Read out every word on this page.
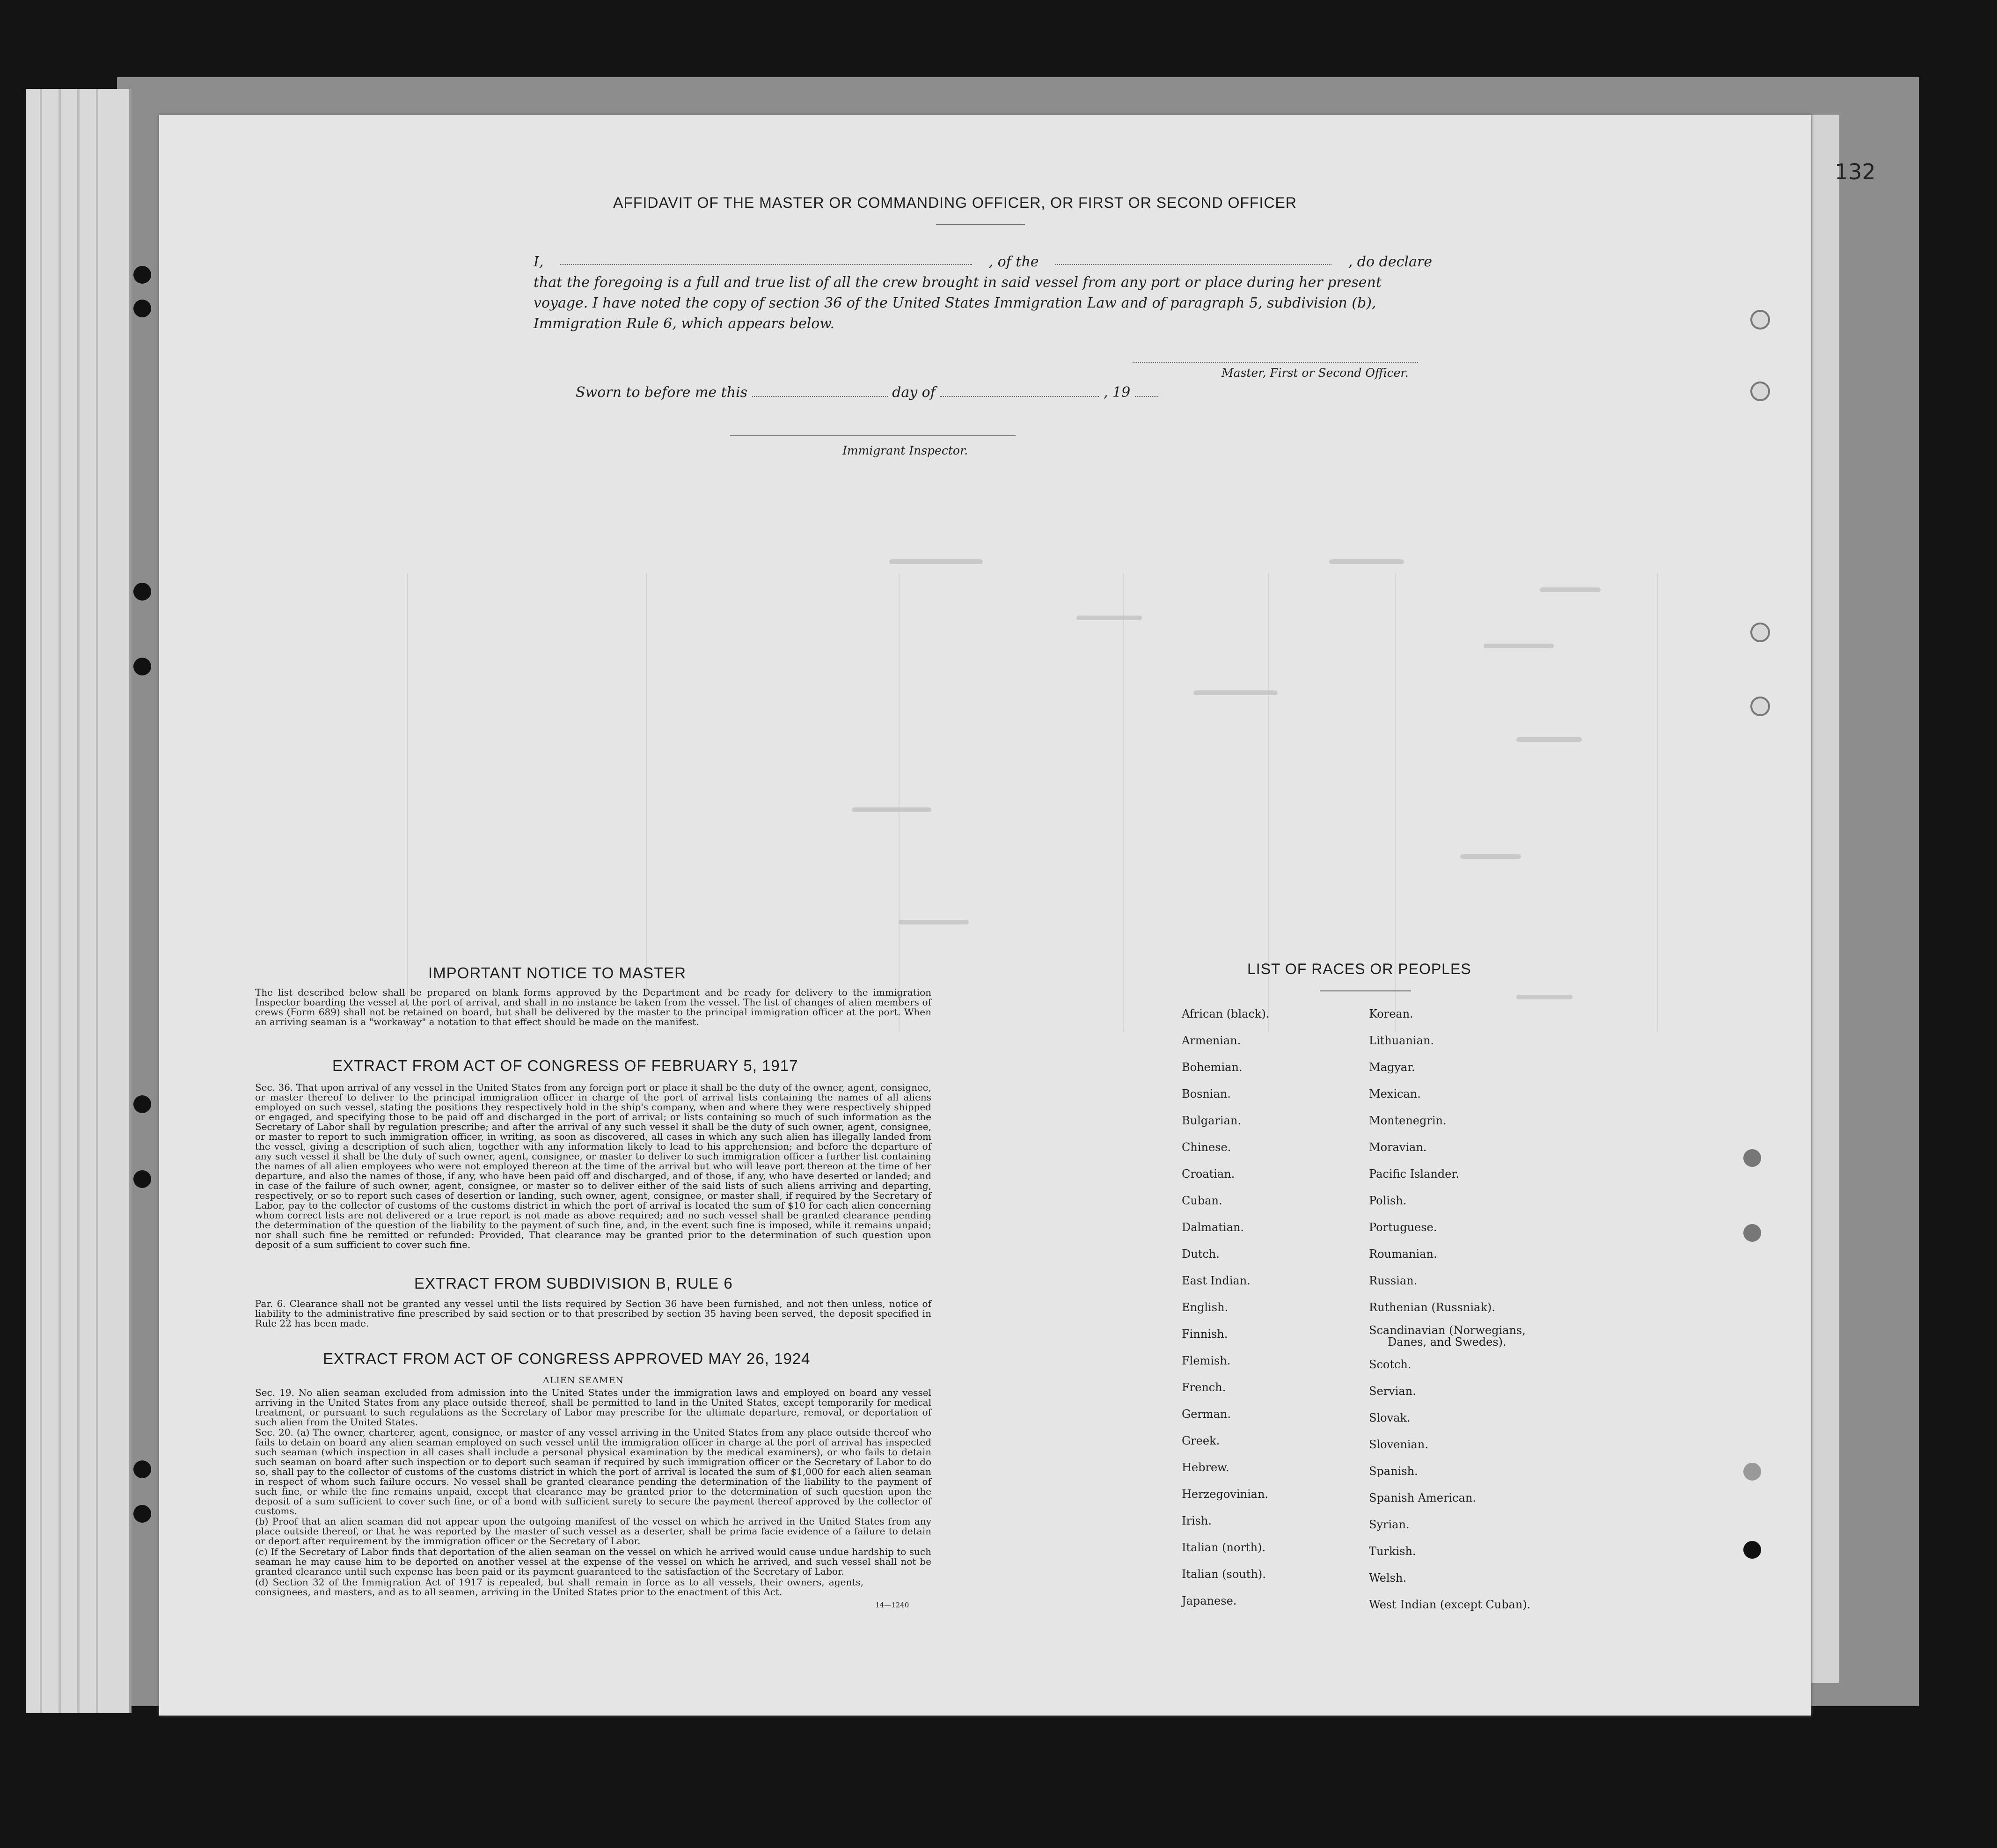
132
AFFIDAVIT OF THE MASTER OR COMMANDING OFFICER, OR FIRST OR SECOND OFFICER
I,	, of the	, do declare
that the foregoing is a full and true list of all the crew brought in said vessel from any port or place during her present
voyage. I have noted the copy of section 36 of the United States Immigration Law and of paragraph 5, subdivision (b),
Immigration Rule 6, which appears below.
Master, First or Second Officer.
Sworn to before me this	day of	, 19
Immigrant Inspector.
IMPORTANT NOTICE TO MASTER
The list described below shall be prepared on blank forms approved by the Department and be ready for delivery to the immigration Inspector boarding the vessel at the port of arrival, and shall in no instance be taken from the vessel. The list of changes of alien members of crews (Form 689) shall not be retained on board, but shall be delivered by the master to the principal immigration officer at the port. When an arriving seaman is a "workaway" a notation to that effect should be made on the manifest.
EXTRACT FROM ACT OF CONGRESS OF FEBRUARY 5, 1917
Sec. 36. That upon arrival of any vessel in the United States from any foreign port or place it shall be the duty of the owner, agent, consignee, or master thereof to deliver to the principal immigration officer in charge of the port of arrival lists containing the names of all aliens employed on such vessel, stating the positions they respectively hold in the ship's company, when and where they were respectively shipped or engaged, and specifying those to be paid off and discharged in the port of arrival; or lists containing so much of such information as the Secretary of Labor shall by regulation prescribe; and after the arrival of any such vessel it shall be the duty of such owner, agent, consignee, or master to report to such immigration officer, in writing, as soon as discovered, all cases in which any such alien has illegally landed from the vessel, giving a description of such alien, together with any information likely to lead to his apprehension; and before the departure of any such vessel it shall be the duty of such owner, agent, consignee, or master to deliver to such immigration officer a further list containing the names of all alien employees who were not employed thereon at the time of the arrival but who will leave port thereon at the time of her departure, and also the names of those, if any, who have been paid off and discharged, and of those, if any, who have deserted or landed; and in case of the failure of such owner, agent, consignee, or master so to deliver either of the said lists of such aliens arriving and departing, respectively, or so to report such cases of desertion or landing, such owner, agent, consignee, or master shall, if required by the Secretary of Labor, pay to the collector of customs of the customs district in which the port of arrival is located the sum of $10 for each alien concerning whom correct lists are not delivered or a true report is not made as above required; and no such vessel shall be granted clearance pending the determination of the question of the liability to the payment of such fine, and, in the event such fine is imposed, while it remains unpaid; nor shall such fine be remitted or refunded: Provided, That clearance may be granted prior to the determination of such question upon deposit of a sum sufficient to cover such fine.
EXTRACT FROM SUBDIVISION B, RULE 6
Par. 6. Clearance shall not be granted any vessel until the lists required by Section 36 have been furnished, and not then unless, notice of liability to the administrative fine prescribed by said section or to that prescribed by section 35 having been served, the deposit specified in Rule 22 has been made.
EXTRACT FROM ACT OF CONGRESS APPROVED MAY 26, 1924
ALIEN SEAMEN
Sec. 19. No alien seaman excluded from admission into the United States under the immigration laws and employed on board any vessel arriving in the United States from any place outside thereof, shall be permitted to land in the United States, except temporarily for medical treatment, or pursuant to such regulations as the Secretary of Labor may prescribe for the ultimate departure, removal, or deportation of such alien from the United States.
Sec. 20. (a) The owner, charterer, agent, consignee, or master of any vessel arriving in the United States from any place outside thereof who fails to detain on board any alien seaman employed on such vessel until the immigration officer in charge at the port of arrival has inspected such seaman (which inspection in all cases shall include a personal physical examination by the medical examiners), or who fails to detain such seaman on board after such inspection or to deport such seaman if required by such immigration officer or the Secretary of Labor to do so, shall pay to the collector of customs of the customs district in which the port of arrival is located the sum of $1,000 for each alien seaman in respect of whom such failure occurs. No vessel shall be granted clearance pending the determination of the liability to the payment of such fine, or while the fine remains unpaid, except that clearance may be granted prior to the determination of such question upon the deposit of a sum sufficient to cover such fine, or of a bond with sufficient surety to secure the payment thereof approved by the collector of customs.
(b) Proof that an alien seaman did not appear upon the outgoing manifest of the vessel on which he arrived in the United States from any place outside thereof, or that he was reported by the master of such vessel as a deserter, shall be prima facie evidence of a failure to detain or deport after requirement by the immigration officer or the Secretary of Labor.
(c) If the Secretary of Labor finds that deportation of the alien seaman on the vessel on which he arrived would cause undue hardship to such seaman he may cause him to be deported on another vessel at the expense of the vessel on which he arrived, and such vessel shall not be granted clearance until such expense has been paid or its payment guaranteed to the satisfaction of the Secretary of Labor.
(d) Section 32 of the Immigration Act of 1917 is repealed, but shall remain in force as to all vessels, their owners, agents, consignees, and masters, and as to all seamen, arriving in the United States prior to the enactment of this Act.
14—1240
LIST OF RACES OR PEOPLES
African (black).
Armenian.
Bohemian.
Bosnian.
Bulgarian.
Chinese.
Croatian.
Cuban.
Dalmatian.
Dutch.
East Indian.
English.
Finnish.
Flemish.
French.
German.
Greek.
Hebrew.
Herzegovinian.
Irish.
Italian (north).
Italian (south).
Japanese.
Korean.
Lithuanian.
Magyar.
Mexican.
Montenegrin.
Moravian.
Pacific Islander.
Polish.
Portuguese.
Roumanian.
Russian.
Ruthenian (Russniak).
Scandinavian (Norwegians,
Danes, and Swedes).
Scotch.
Servian.
Slovak.
Slovenian.
Spanish.
Spanish American.
Syrian.
Turkish.
Welsh.
West Indian (except Cuban).
